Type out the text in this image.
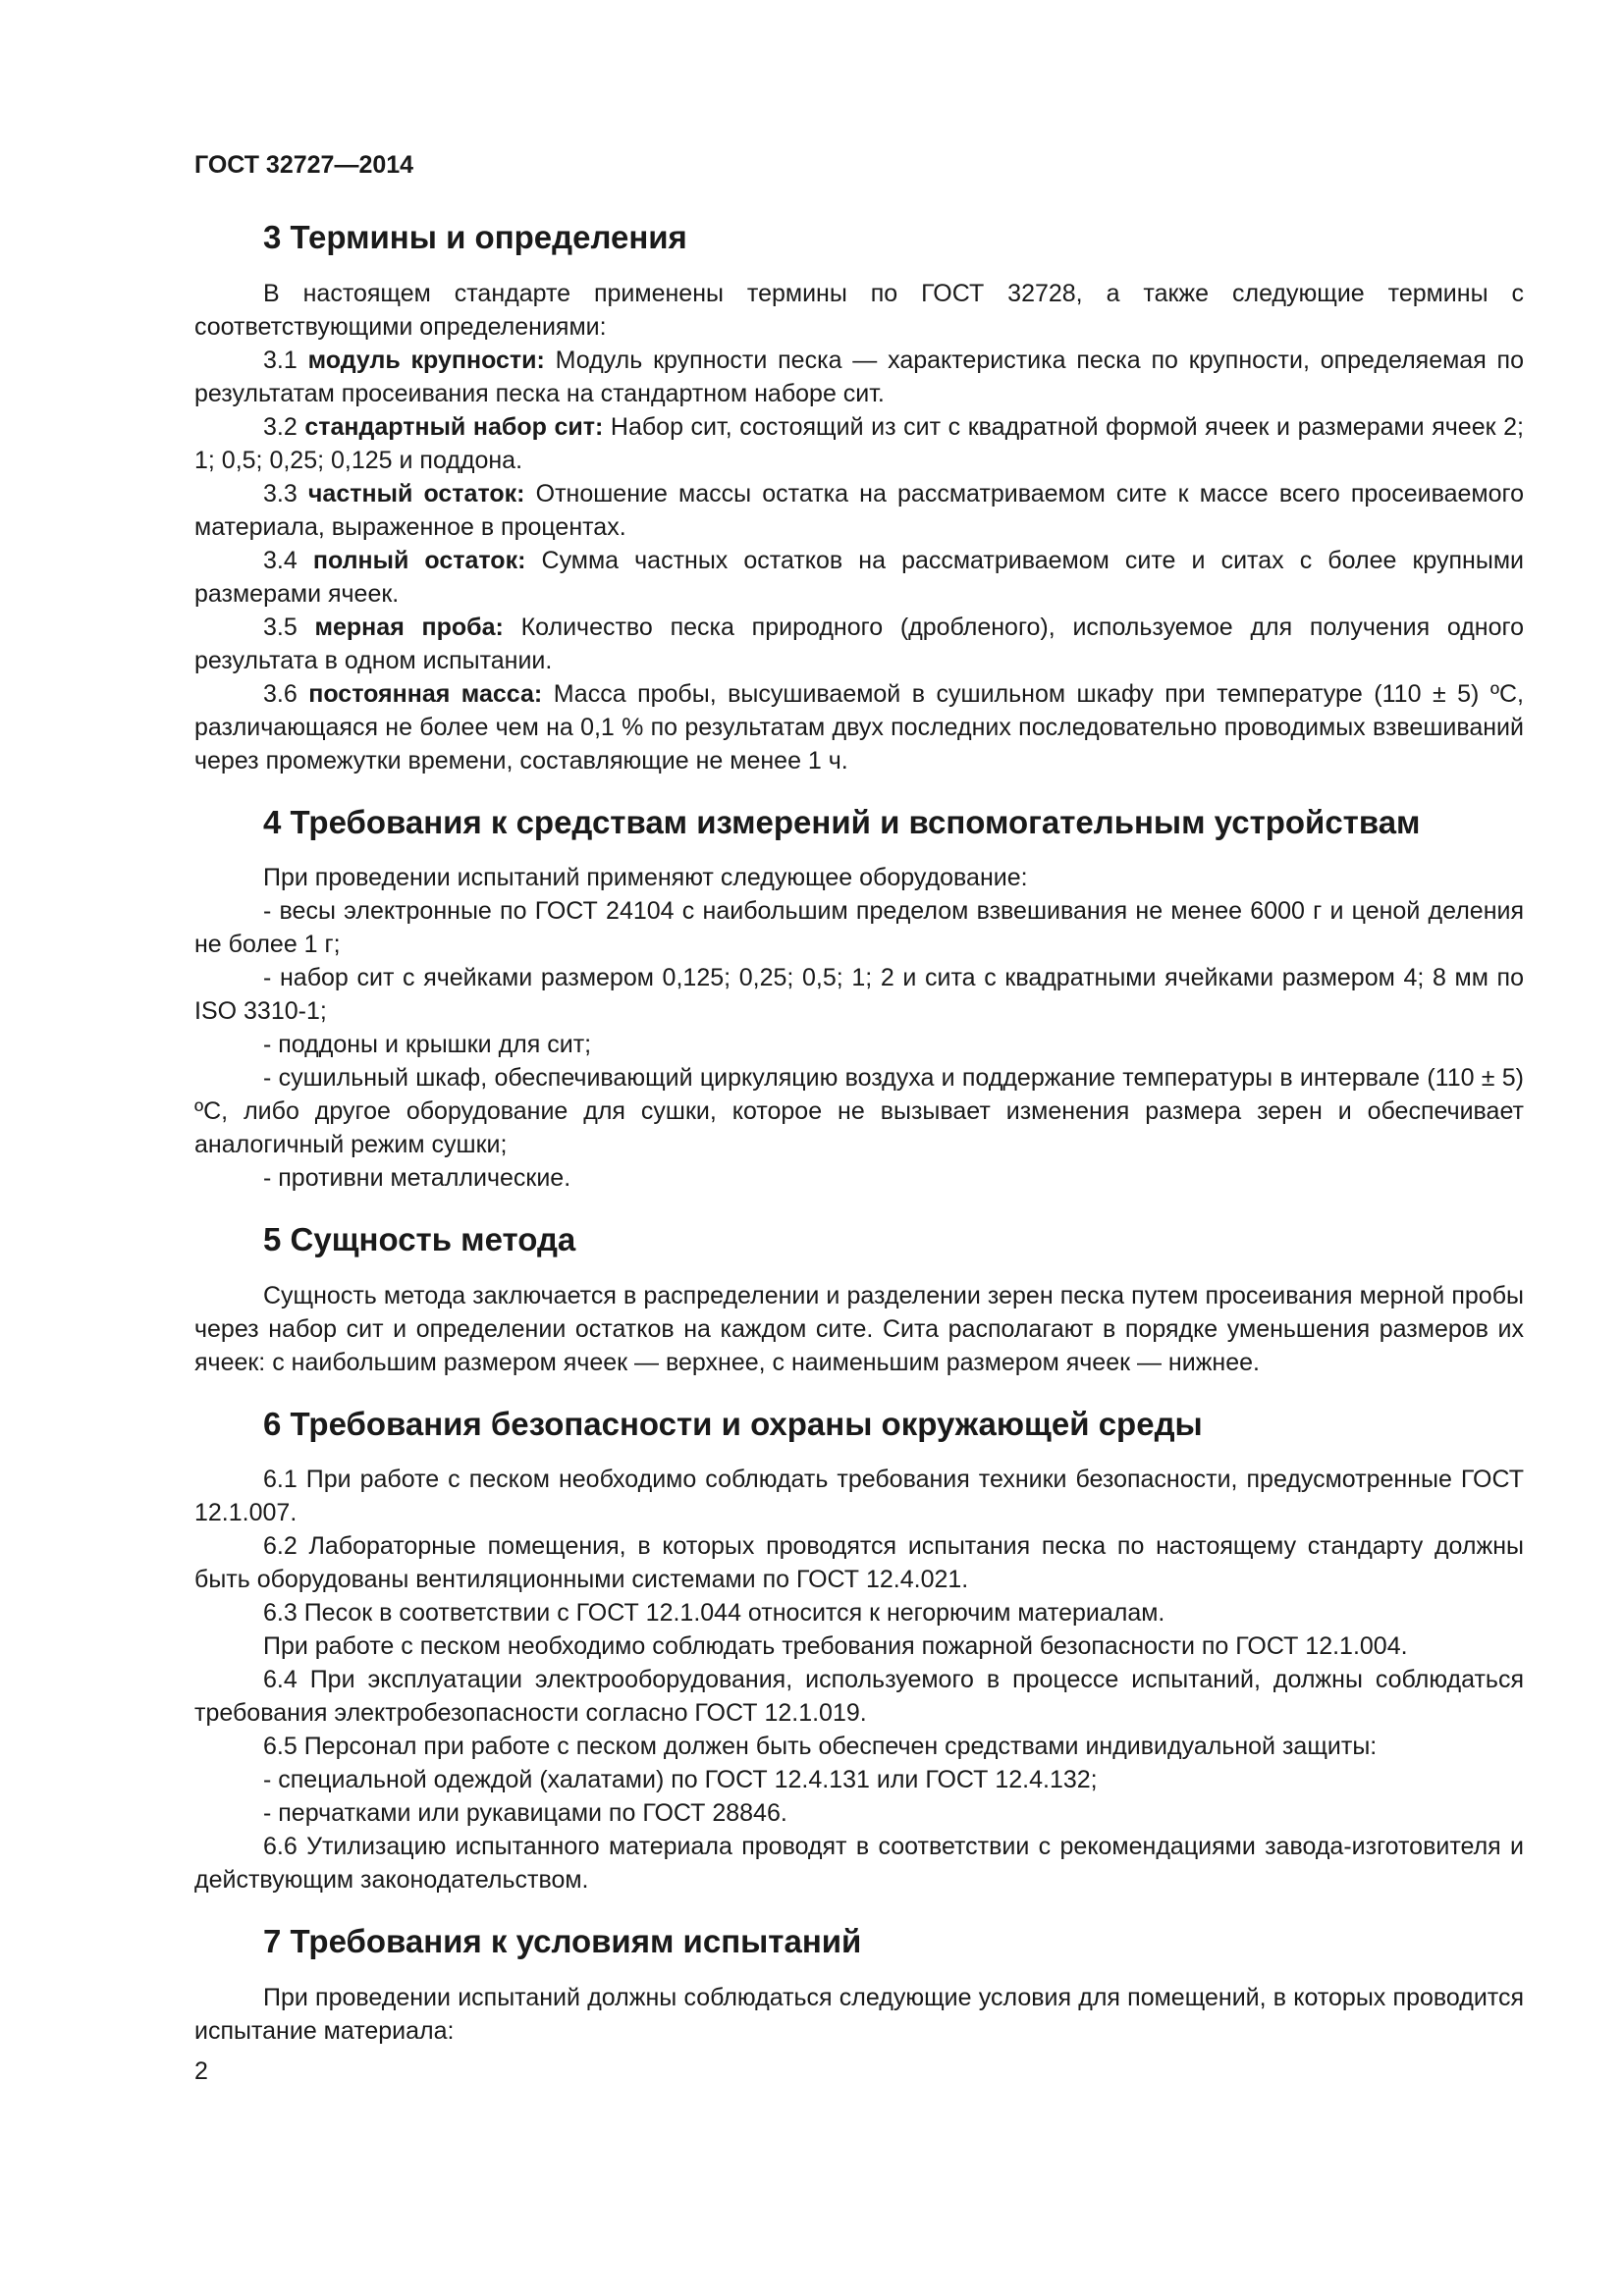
ГОСТ 32727—2014
3 Термины и определения

В настоящем стандарте применены термины по ГОСТ 32728, а также следующие термины с соответствующими определениями:

3.1 модуль крупности: Модуль крупности песка — характеристика песка по крупности, определяемая по результатам просеивания песка на стандартном наборе сит.

3.2 стандартный набор сит: Набор сит, состоящий из сит с квадратной формой ячеек и размерами ячеек 2; 1; 0,5; 0,25; 0,125 и поддона.

3.3 частный остаток: Отношение массы остатка на рассматриваемом сите к массе всего просеиваемого материала, выраженное в процентах.

3.4 полный остаток: Сумма частных остатков на рассматриваемом сите и ситах с более крупными размерами ячеек.

3.5 мерная проба: Количество песка природного (дробленого), используемое для получения одного результата в одном испытании.

3.6 постоянная масса: Масса пробы, высушиваемой в сушильном шкафу при температуре (110 ± 5) ºС, различающаяся не более чем на 0,1 % по результатам двух последних последовательно проводимых взвешиваний через промежутки времени, составляющие не менее 1 ч.

4 Требования к средствам измерений и вспомогательным устройствам

При проведении испытаний применяют следующее оборудование:

- весы электронные по ГОСТ 24104 с наибольшим пределом взвешивания не менее 6000 г и ценой деления не более 1 г;

- набор сит с ячейками размером 0,125; 0,25; 0,5; 1; 2 и сита с квадратными ячейками размером 4; 8 мм по ISO 3310-1;

- поддоны и крышки для сит;

- сушильный шкаф, обеспечивающий циркуляцию воздуха и поддержание температуры в интервале (110 ± 5) ºС, либо другое оборудование для сушки, которое не вызывает изменения размера зерен и обеспечивает аналогичный режим сушки;

- противни металлические.

5 Сущность метода

Сущность метода заключается в распределении и разделении зерен песка путем просеивания мерной пробы через набор сит и определении остатков на каждом сите. Сита располагают в порядке уменьшения размеров их ячеек: с наибольшим размером ячеек — верхнее, с наименьшим размером ячеек — нижнее.

6 Требования безопасности и охраны окружающей среды

6.1 При работе с песком необходимо соблюдать требования техники безопасности, предусмотренные ГОСТ 12.1.007.

6.2 Лабораторные помещения, в которых проводятся испытания песка по настоящему стандарту должны быть оборудованы вентиляционными системами по ГОСТ 12.4.021.

6.3 Песок в соответствии с ГОСТ 12.1.044 относится к негорючим материалам.

При работе с песком необходимо соблюдать требования пожарной безопасности по ГОСТ 12.1.004.

6.4 При эксплуатации электрооборудования, используемого в процессе испытаний, должны соблюдаться требования электробезопасности согласно ГОСТ 12.1.019.

6.5 Персонал при работе с песком должен быть обеспечен средствами индивидуальной защиты:

- специальной одеждой (халатами) по ГОСТ 12.4.131 или ГОСТ 12.4.132;

- перчатками или рукавицами по ГОСТ 28846.

6.6 Утилизацию испытанного материала проводят в соответствии с рекомендациями завода-изготовителя и действующим законодательством.

7 Требования к условиям испытаний

При проведении испытаний должны соблюдаться следующие условия для помещений, в которых проводится испытание материала:

2
